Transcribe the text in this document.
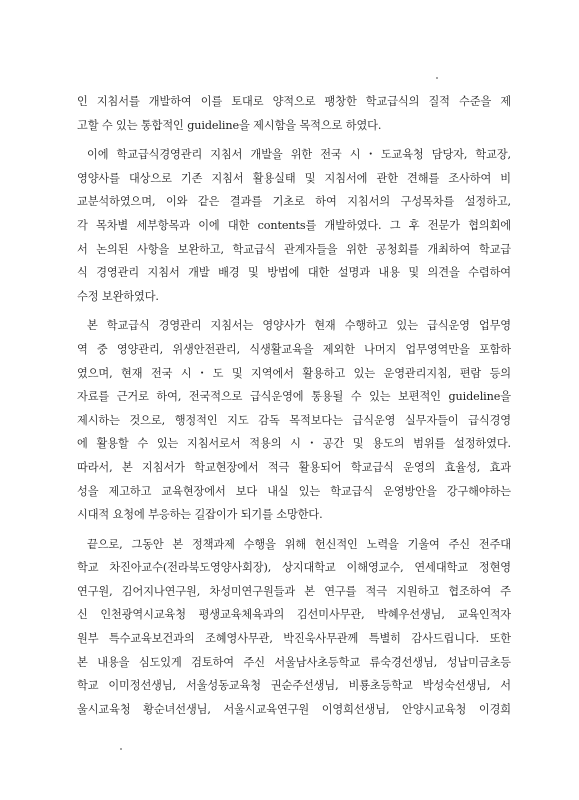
인 지침서를 개발하여 이를 토대로 양적으로 팽창한 학교급식의 질적 수준을 제
고할 수 있는 통합적인 guideline을 제시함을 목적으로 하였다.

이에 학교급식경영관리 지침서 개발을 위한 전국 시・도교육청 담당자, 학교장,
영양사를 대상으로 기존 지침서 활용실태 및 지침서에 관한 견해를 조사하여 비
교분석하였으며, 이와 같은 결과를 기초로 하여 지침서의 구성목차를 설정하고,
각 목차별 세부항목과 이에 대한 contents를 개발하였다. 그 후 전문가 협의회에
서 논의된 사항을 보완하고, 학교급식 관계자들을 위한 공청회를 개최하여 학교급
식 경영관리 지침서 개발 배경 및 방법에 대한 설명과 내용 및 의견을 수렴하여
수정 보완하였다.

본 학교급식 경영관리 지침서는 영양사가 현재 수행하고 있는 급식운영 업무영
역 중 영양관리, 위생안전관리, 식생활교육을 제외한 나머지 업무영역만을 포함하
였으며, 현재 전국 시・도 및 지역에서 활용하고 있는 운영관리지침, 편람 등의
자료를 근거로 하여, 전국적으로 급식운영에 통용될 수 있는 보편적인 guideline을
제시하는 것으로, 행정적인 지도 감독 목적보다는 급식운영 실무자들이 급식경영
에 활용할 수 있는 지침서로서 적용의 시・공간 및 용도의 범위를 설정하였다.
따라서, 본 지침서가 학교현장에서 적극 활용되어 학교급식 운영의 효율성, 효과
성을 제고하고 교육현장에서 보다 내실 있는 학교급식 운영방안을 강구해야하는
시대적 요청에 부응하는 길잡이가 되기를 소망한다.

끝으로, 그동안 본 정책과제 수행을 위해 헌신적인 노력을 기울여 주신 전주대
학교 차진아교수(전라북도영양사회장), 상지대학교 이해영교수, 연세대학교 정현영
연구원, 김어지나연구원, 차성미연구원들과 본 연구를 적극 지원하고 협조하여 주
신 인천광역시교육청 평생교육체육과의 김선미사무관, 박혜우선생님, 교육인적자
원부 특수교육보건과의 조혜영사무관, 박진욱사무관께 특별히 감사드립니다. 또한
본 내용을 심도있게 검토하여 주신 서울남사초등학교 류숙경선생님, 성납미금초등
학교 이미정선생님, 서울성동교육청 권순주선생님, 비룡초등학교 박성숙선생님, 서
울시교육청 황순녀선생님, 서울시교육연구원 이영희선생님, 안양시교육청 이경희
